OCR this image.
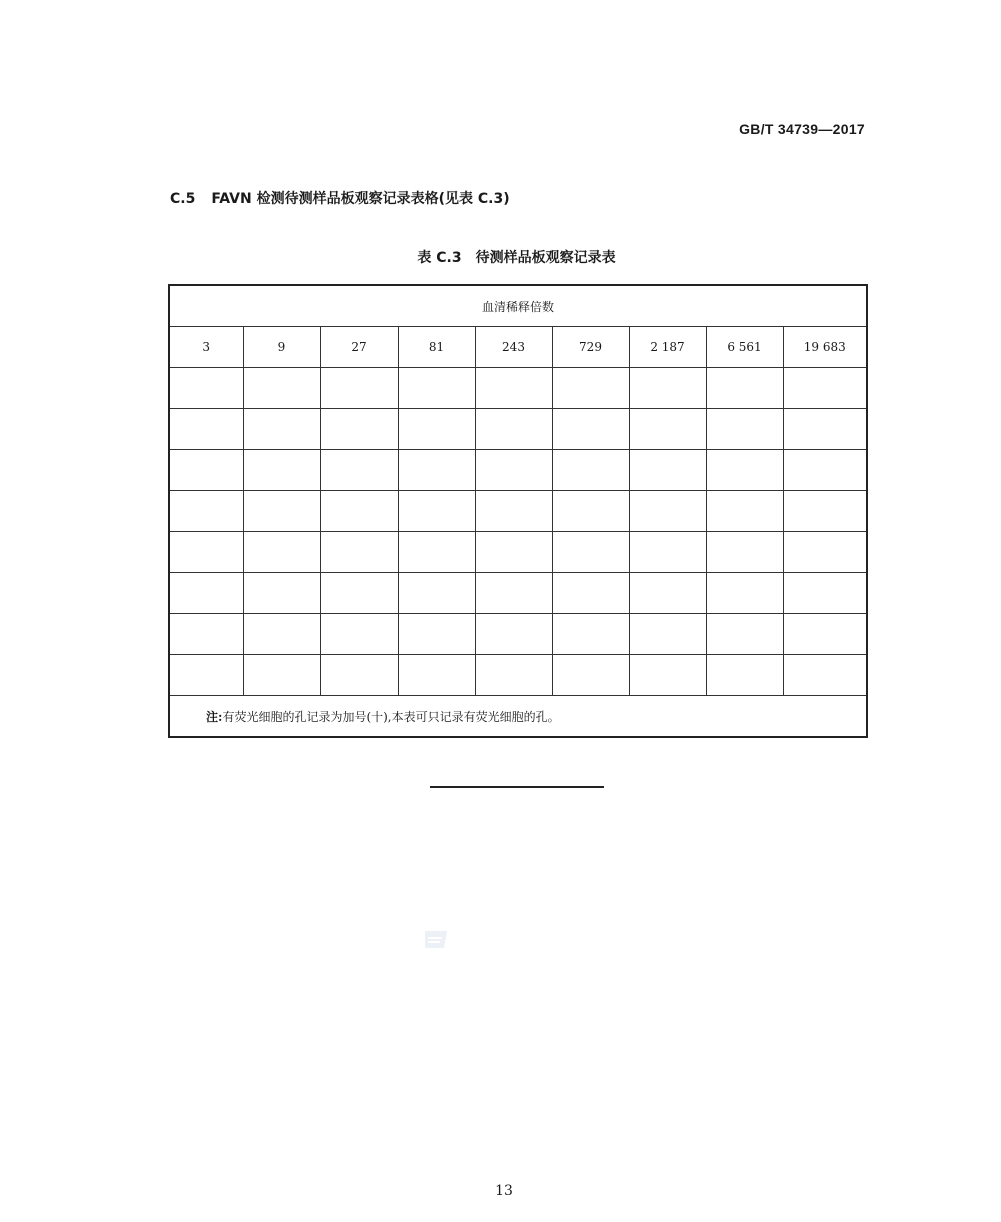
GB/T 34739—2017
C.5 FAVN 检测待测样品板观察记录表格(见表 C.3)
表 C.3 待测样品板观察记录表
血清稀释倍数								
3	9	27	81	243	729	2 187	6 561	19 683

注:有荧光细胞的孔记录为加号(十),本表可只记录有荧光细胞的孔。								
13
